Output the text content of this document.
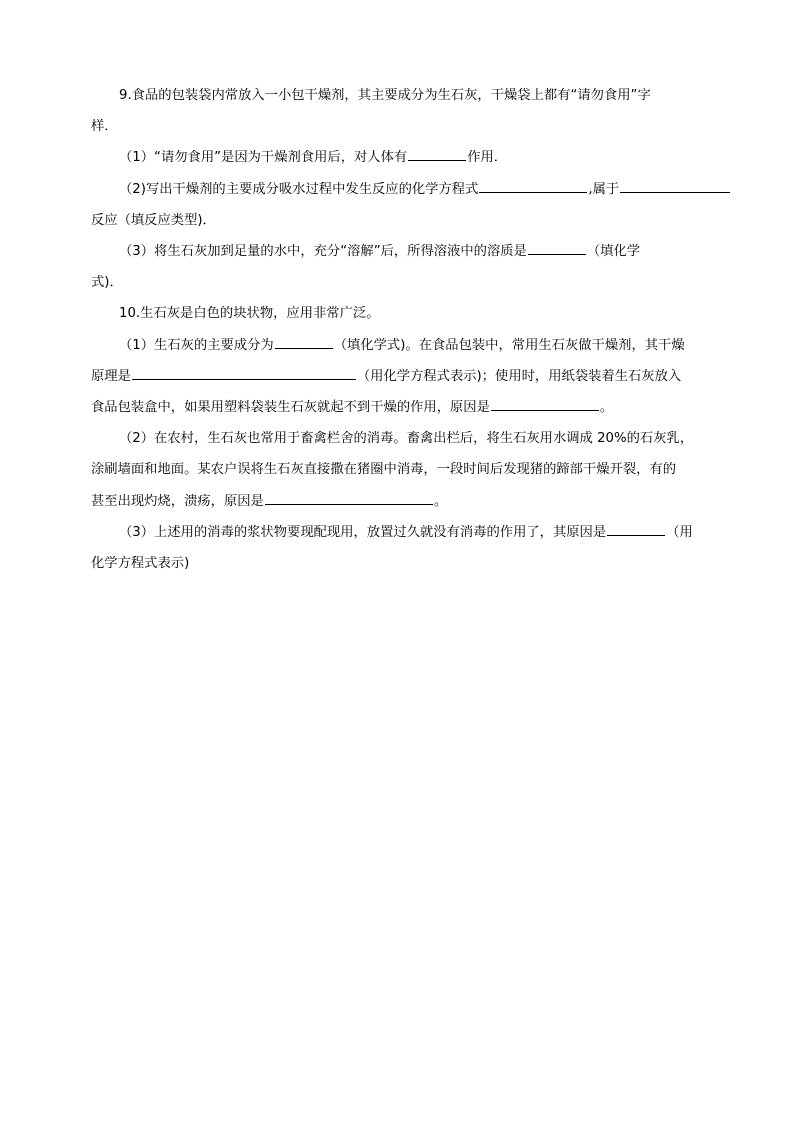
9.食品的包装袋内常放入一小包干燥剂，其主要成分为生石灰，干燥袋上都有“请勿食用”字
样．
（1）“请勿食用”是因为干燥剂食用后，对人体有	作用．
（2)写出干燥剂的主要成分吸水过程中发生反应的化学方程式	,属于
反应（填反应类型)．
（3）将生石灰加到足量的水中，充分“溶解”后，所得溶液中的溶质是	（填化学
式)．
10.生石灰是白色的块状物，应用非常广泛。
（1）生石灰的主要成分为	（填化学式)。在食品包装中，常用生石灰做干燥剂，其干燥
原理是	（用化学方程式表示)；使用时，用纸袋装着生石灰放入
食品包装盒中，如果用塑料袋装生石灰就起不到干燥的作用，原因是	。
（2）在农村，生石灰也常用于畜禽栏舍的消毒。畜禽出栏后，将生石灰用水调成 20%的石灰乳，
涂刷墙面和地面。某农户误将生石灰直接撒在猪圈中消毒，一段时间后发现猪的蹄部干燥开裂，有的
甚至出现灼烧，溃疡，原因是	。
（3）上述用的消毒的浆状物要现配现用，放置过久就没有消毒的作用了，其原因是	（用
化学方程式表示)
